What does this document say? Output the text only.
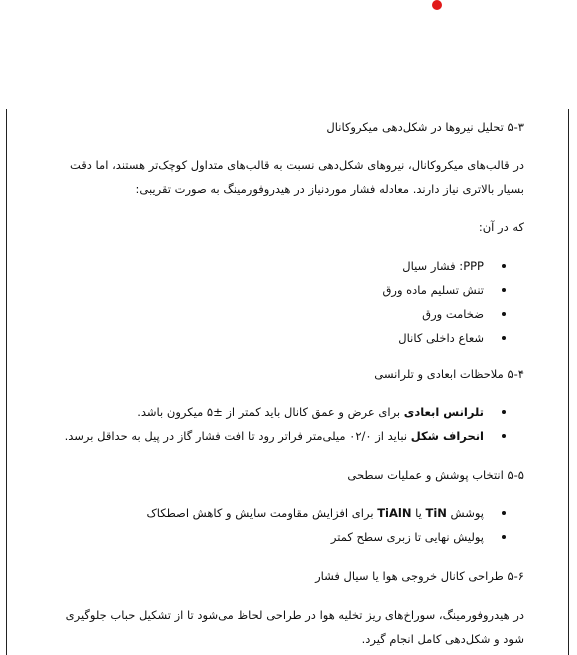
۵-۳ تحلیل نیروها در شکل‌دهی میکروکانال

در قالب‌های میکروکانال، نیروهای شکل‌دهی نسبت به قالب‌های متداول کوچک‌تر هستند، اما دقت بسیار بالاتری نیاز دارند. معادله فشار موردنیاز در هیدروفورمینگ به صورت تقریبی:

که در آن:

PPP: فشار سیال
تنش تسلیم ماده ورق
ضخامت ورق
شعاع داخلی کانال

۵-۴ ملاحظات ابعادی و تلرانسی

تلرانس ابعادی برای عرض و عمق کانال باید کمتر از ±۵ میکرون باشد.
انحراف شکل نباید از ۰۲/۰ میلی‌متر فراتر رود تا افت فشار گاز در پیل به حداقل برسد.

۵-۵ انتخاب پوشش و عملیات سطحی

پوشش TiN یا TiAlN برای افزایش مقاومت سایش و کاهش اصطکاک
پولیش نهایی تا زبری سطح کمتر

۵-۶ طراحی کانال خروجی هوا یا سیال فشار

در هیدروفورمینگ، سوراخ‌های ریز تخلیه هوا در طراحی لحاظ می‌شود تا از تشکیل حباب جلوگیری شود و شکل‌دهی کامل انجام گیرد.
